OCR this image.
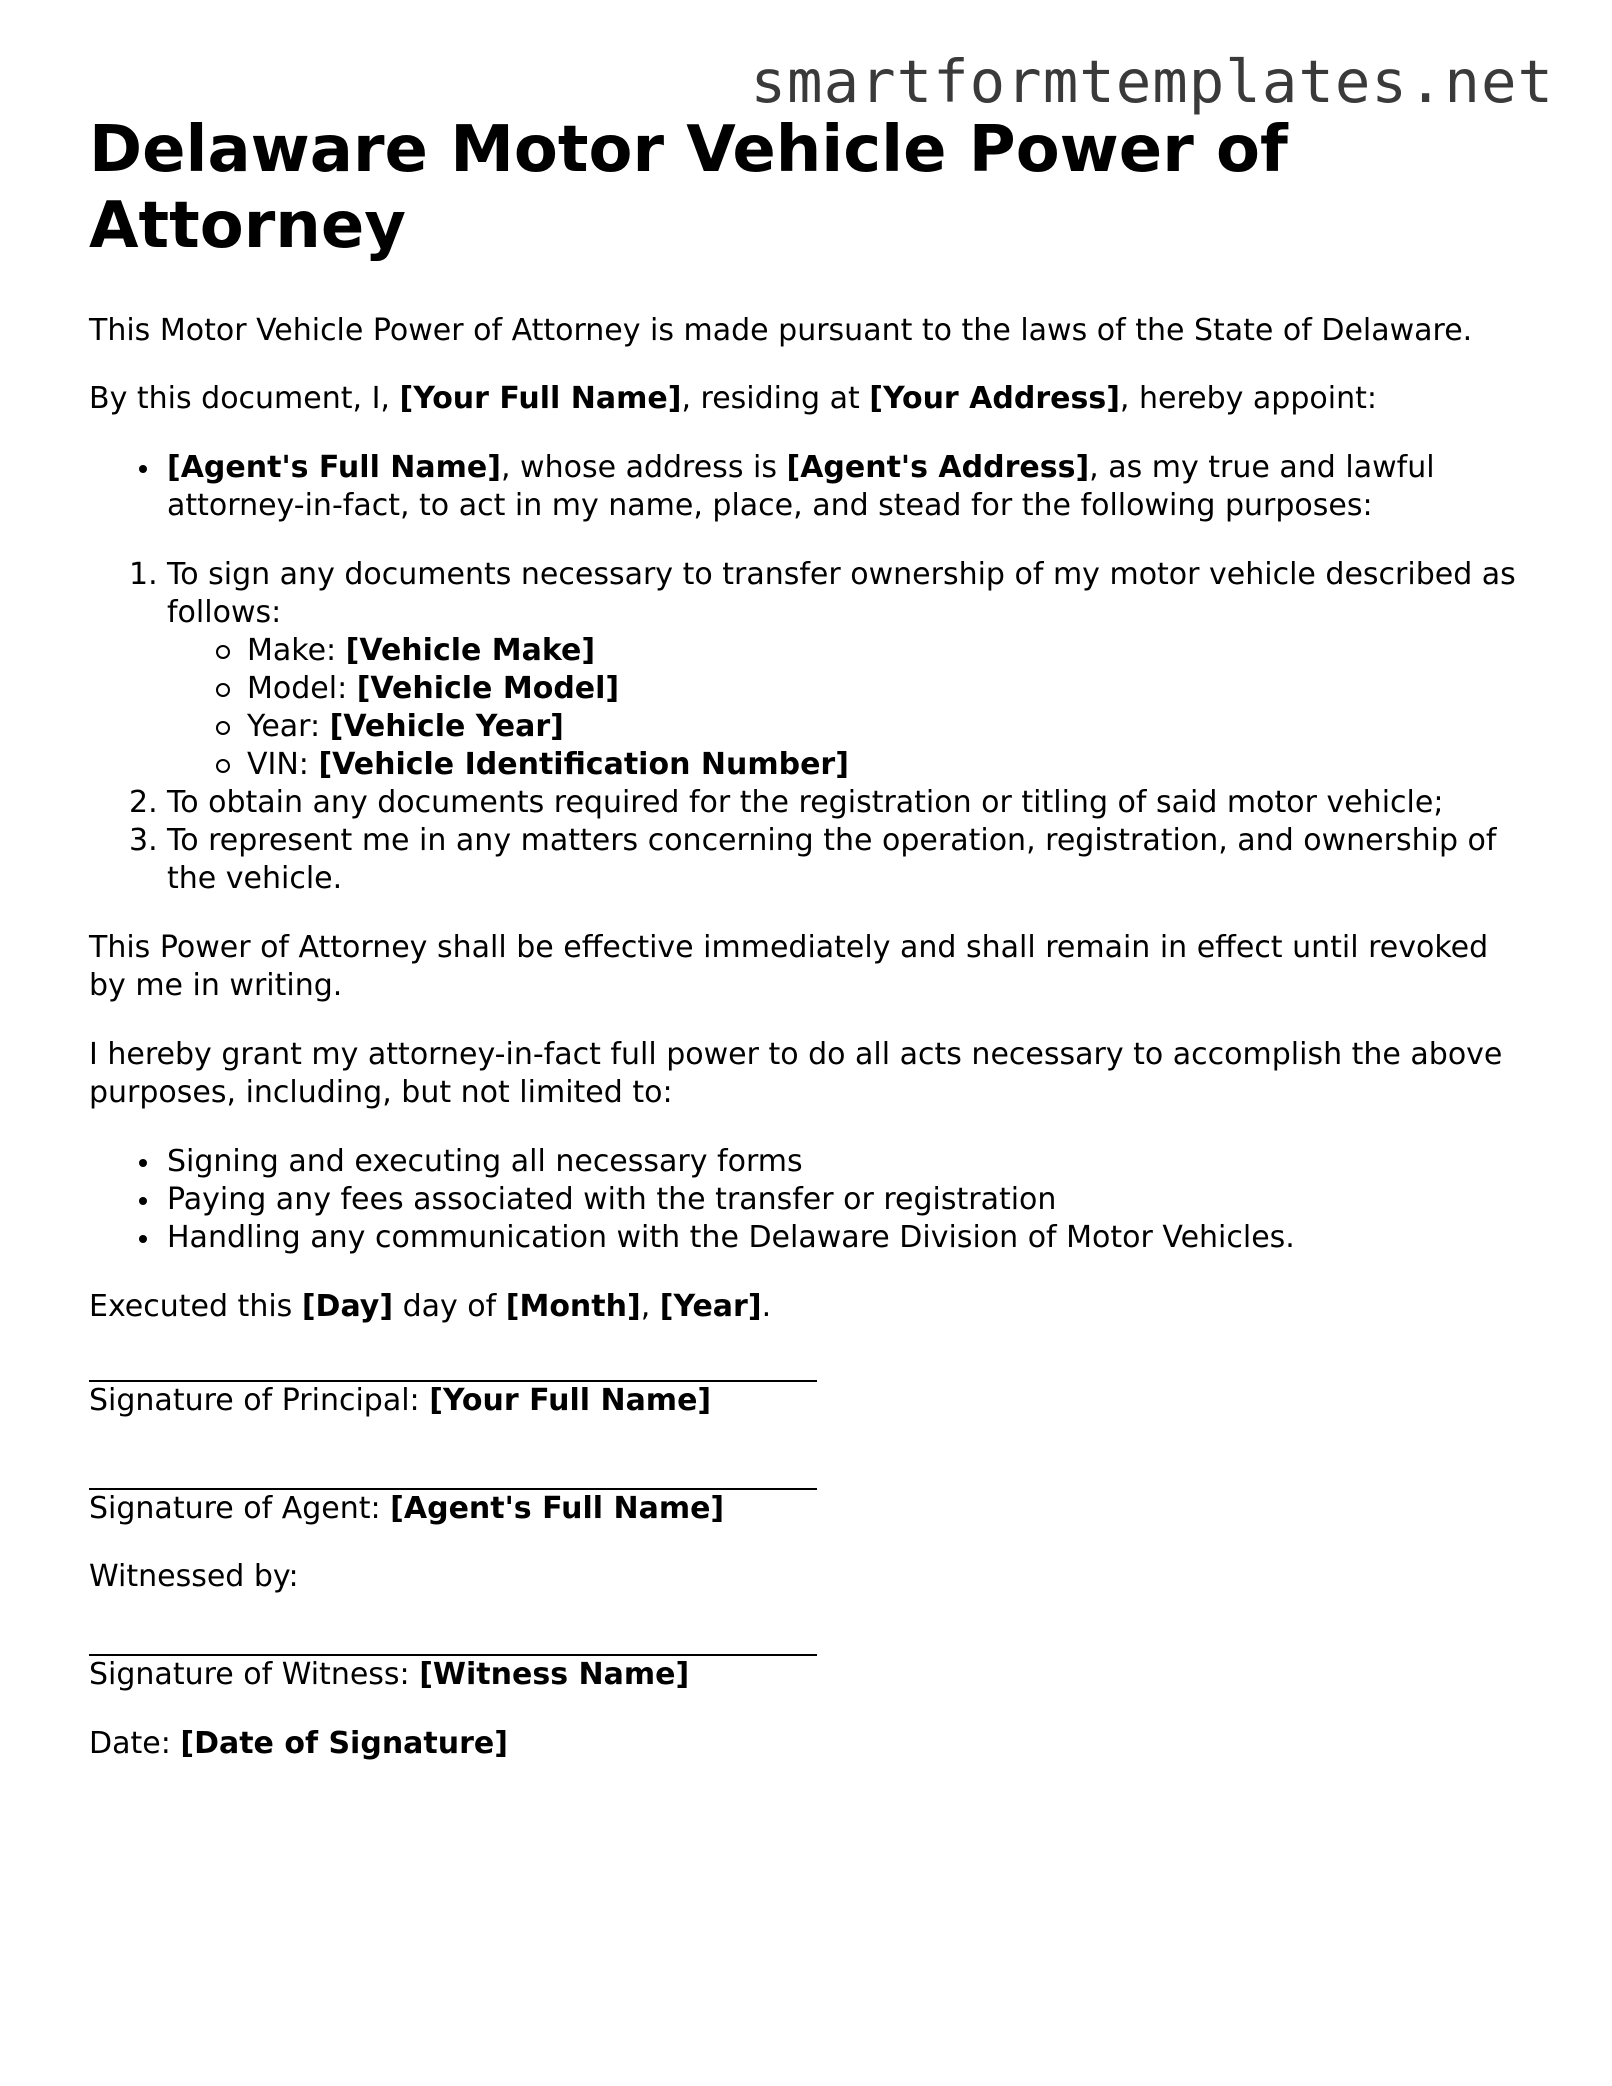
smartformtemplates.net

Delaware Motor Vehicle Power of Attorney

This Motor Vehicle Power of Attorney is made pursuant to the laws of the State of Delaware.

By this document, I, [Your Full Name], residing at [Your Address], hereby appoint:

[Agent's Full Name], whose address is [Agent's Address], as my true and lawful attorney-in-fact, to act in my name, place, and stead for the following purposes:
1. To sign any documents necessary to transfer ownership of my motor vehicle described as follows:
Make: [Vehicle Make]
Model: [Vehicle Model]
Year: [Vehicle Year]
VIN: [Vehicle Identification Number]
2. To obtain any documents required for the registration or titling of said motor vehicle;
3. To represent me in any matters concerning the operation, registration, and ownership of the vehicle.

This Power of Attorney shall be effective immediately and shall remain in effect until revoked by me in writing.

I hereby grant my attorney-in-fact full power to do all acts necessary to accomplish the above purposes, including, but not limited to:

Signing and executing all necessary forms
Paying any fees associated with the transfer or registration
Handling any communication with the Delaware Division of Motor Vehicles.

Executed this [Day] day of [Month], [Year].

Signature of Principal: [Your Full Name]

Signature of Agent: [Agent's Full Name]

Witnessed by:

Signature of Witness: [Witness Name]

Date: [Date of Signature]
